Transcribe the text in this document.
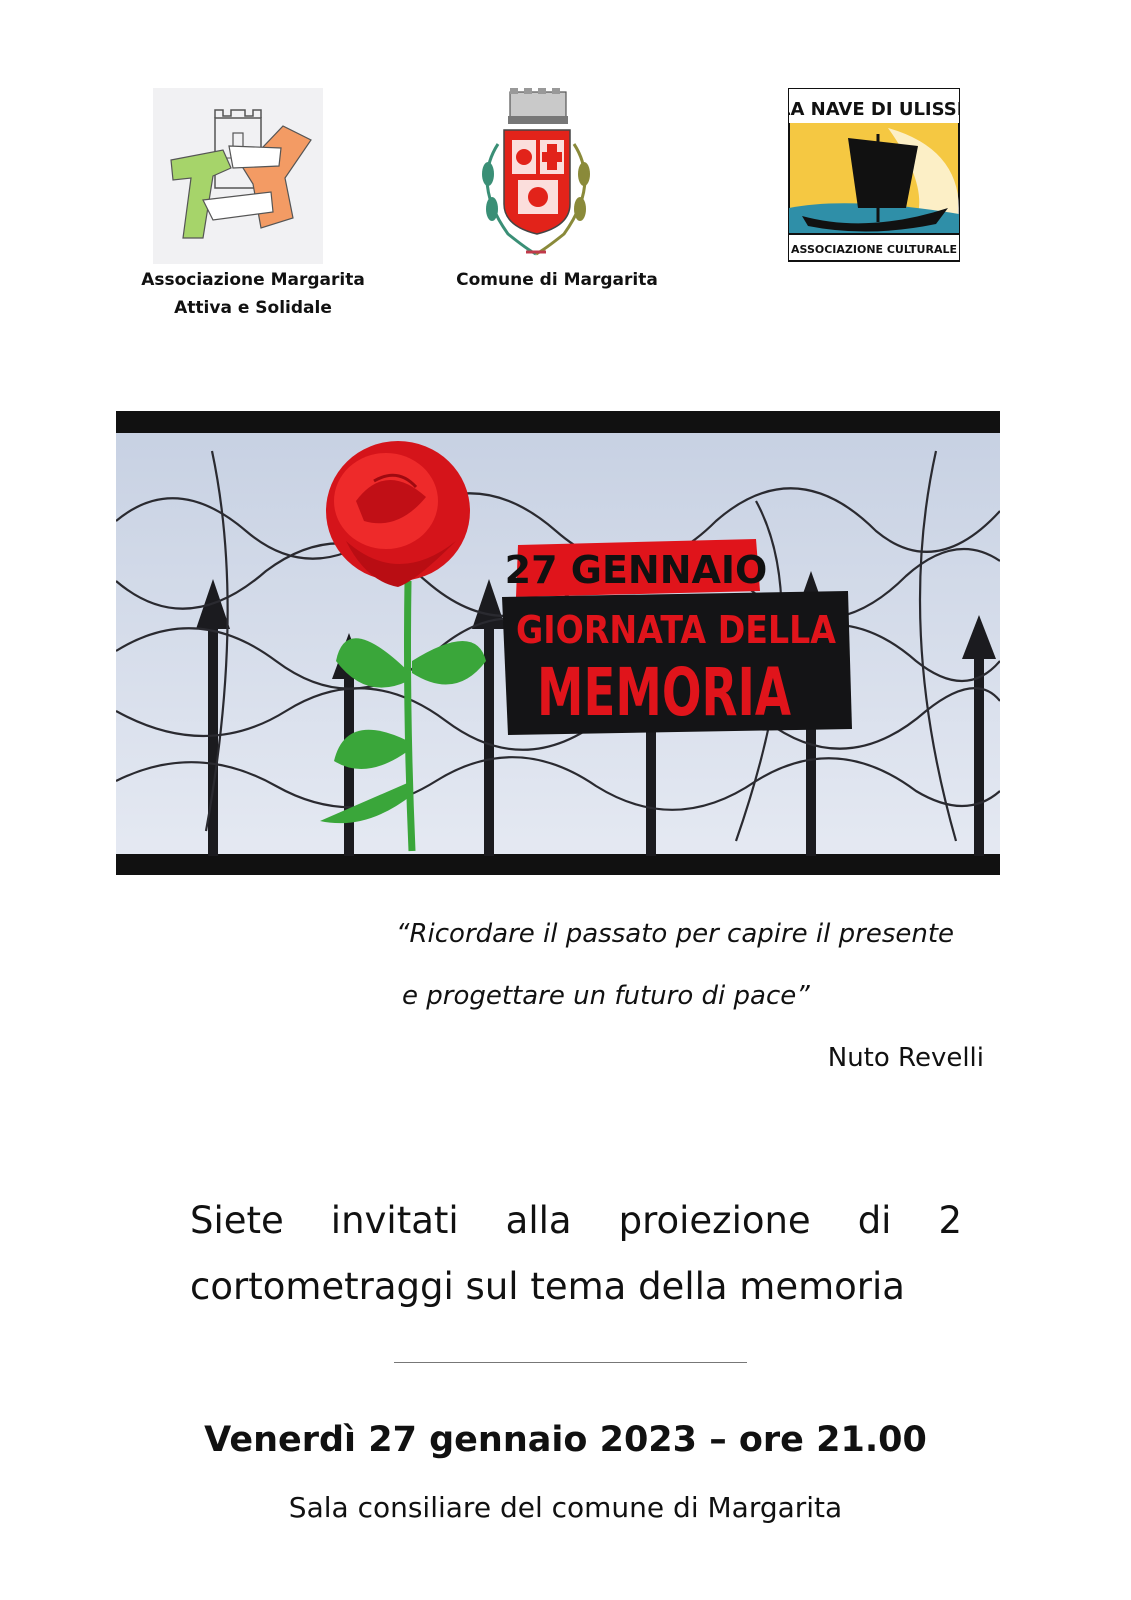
Associazione Margarita
Attiva e Solidale
Comune di Margarita
LA NAVE DI ULISSE
ASSOCIAZIONE CULTURALE
27 GENNAIO
GIORNATA DELLA
MEMORIA
“Ricordare il passato per capire il presente
e progettare un futuro di pace”
Nuto Revelli
Siete invitati alla proiezione di 2
cortometraggi sul tema della memoria
Venerdì 27 gennaio 2023 – ore 21.00
Sala consiliare del comune di Margarita
